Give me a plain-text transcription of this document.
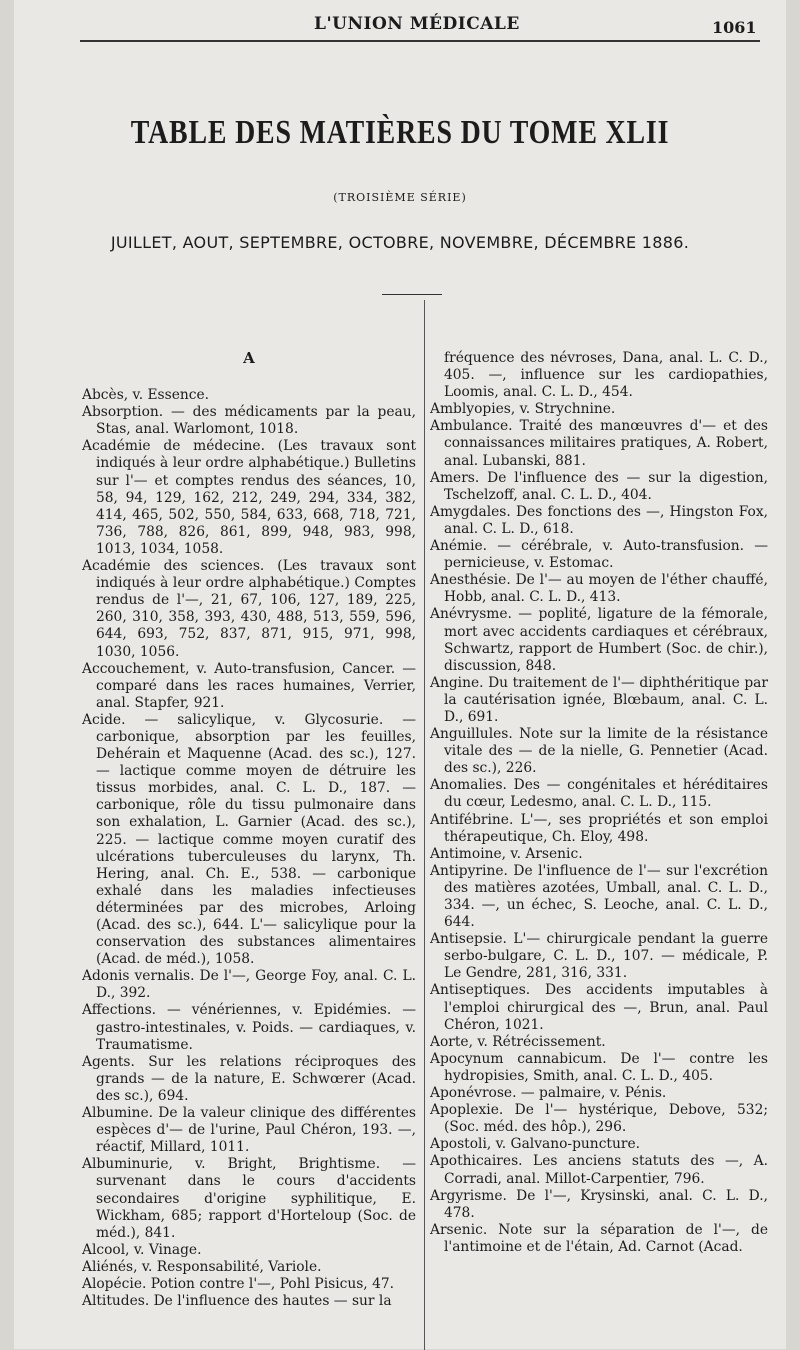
L'UNION MÉDICALE	1061
TABLE DES MATIÈRES DU TOME XLII
(TROISIÈME SÉRIE)
JUILLET, AOUT, SEPTEMBRE, OCTOBRE, NOVEMBRE, DÉCEMBRE 1886.
A

Abcès, v. Essence.

Absorption. — des médicaments par la peau, Stas, anal. Warlomont, 1018.

Académie de médecine. (Les travaux sont indiqués à leur ordre alphabétique.) Bulletins sur l'— et comptes rendus des séances, 10, 58, 94, 129, 162, 212, 249, 294, 334, 382, 414, 465, 502, 550, 584, 633, 668, 718, 721, 736, 788, 826, 861, 899, 948, 983, 998, 1013, 1034, 1058.

Académie des sciences. (Les travaux sont indiqués à leur ordre alphabétique.) Comptes rendus de l'—, 21, 67, 106, 127, 189, 225, 260, 310, 358, 393, 430, 488, 513, 559, 596, 644, 693, 752, 837, 871, 915, 971, 998, 1030, 1056.

Accouchement, v. Auto-transfusion, Cancer. — comparé dans les races humaines, Verrier, anal. Stapfer, 921.

Acide. — salicylique, v. Glycosurie. — carbonique, absorption par les feuilles, Dehérain et Maquenne (Acad. des sc.), 127. — lactique comme moyen de détruire les tissus morbides, anal. C. L. D., 187. — carbonique, rôle du tissu pulmonaire dans son exhalation, L. Garnier (Acad. des sc.), 225. — lactique comme moyen curatif des ulcérations tuberculeuses du larynx, Th. Hering, anal. Ch. E., 538. — carbonique exhalé dans les maladies infectieuses déterminées par des microbes, Arloing (Acad. des sc.), 644. L'— salicylique pour la conservation des substances alimentaires (Acad. de méd.), 1058.

Adonis vernalis. De l'—, George Foy, anal. C. L. D., 392.

Affections. — vénériennes, v. Epidémies. — gastro-intestinales, v. Poids. — cardiaques, v. Traumatisme.

Agents. Sur les relations réciproques des grands — de la nature, E. Schwœrer (Acad. des sc.), 694.

Albumine. De la valeur clinique des différentes espèces d'— de l'urine, Paul Chéron, 193. —, réactif, Millard, 1011.

Albuminurie, v. Bright, Brightisme. — survenant dans le cours d'accidents secondaires d'origine syphilitique, E. Wickham, 685; rapport d'Horteloup (Soc. de méd.), 841.

Alcool, v. Vinage.

Aliénés, v. Responsabilité, Variole.

Alopécie. Potion contre l'—, Pohl Pisicus, 47.

Altitudes. De l'influence des hautes — sur la

fréquence des névroses, Dana, anal. L. C. D., 405. —, influence sur les cardiopathies, Loomis, anal. C. L. D., 454.

Amblyopies, v. Strychnine.

Ambulance. Traité des manœuvres d'— et des connaissances militaires pratiques, A. Robert, anal. Lubanski, 881.

Amers. De l'influence des — sur la digestion, Tschelzoff, anal. C. L. D., 404.

Amygdales. Des fonctions des —, Hingston Fox, anal. C. L. D., 618.

Anémie. — cérébrale, v. Auto-transfusion. — pernicieuse, v. Estomac.

Anesthésie. De l'— au moyen de l'éther chauffé, Hobb, anal. C. L. D., 413.

Anévrysme. — poplité, ligature de la fémorale, mort avec accidents cardiaques et cérébraux, Schwartz, rapport de Humbert (Soc. de chir.), discussion, 848.

Angine. Du traitement de l'— diphthéritique par la cautérisation ignée, Blœbaum, anal. C. L. D., 691.

Anguillules. Note sur la limite de la résistance vitale des — de la nielle, G. Pennetier (Acad. des sc.), 226.

Anomalies. Des — congénitales et héréditaires du cœur, Ledesmo, anal. C. L. D., 115.

Antifébrine. L'—, ses propriétés et son emploi thérapeutique, Ch. Eloy, 498.

Antimoine, v. Arsenic.

Antipyrine. De l'influence de l'— sur l'excrétion des matières azotées, Umball, anal. C. L. D., 334. —, un échec, S. Leoche, anal. C. L. D., 644.

Antisepsie. L'— chirurgicale pendant la guerre serbo-bulgare, C. L. D., 107. — médicale, P. Le Gendre, 281, 316, 331.

Antiseptiques. Des accidents imputables à l'emploi chirurgical des —, Brun, anal. Paul Chéron, 1021.

Aorte, v. Rétrécissement.

Apocynum cannabicum. De l'— contre les hydropisies, Smith, anal. C. L. D., 405.

Aponévrose. — palmaire, v. Pénis.

Apoplexie. De l'— hystérique, Debove, 532; (Soc. méd. des hôp.), 296.

Apostoli, v. Galvano-puncture.

Apothicaires. Les anciens statuts des —, A. Corradi, anal. Millot-Carpentier, 796.

Argyrisme. De l'—, Krysinski, anal. C. L. D., 478.

Arsenic. Note sur la séparation de l'—, de l'antimoine et de l'étain, Ad. Carnot (Acad.
